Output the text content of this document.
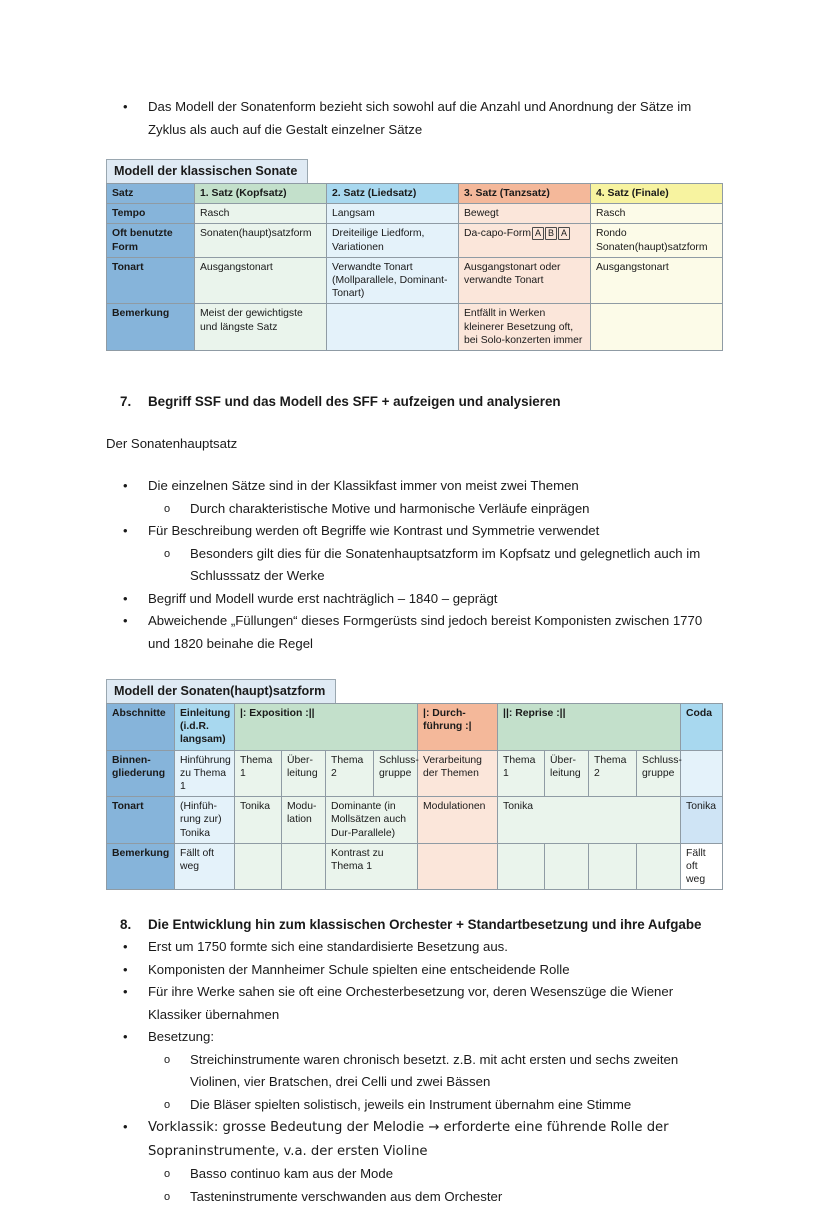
• Das Modell der Sonatenform bezieht sich sowohl auf die Anzahl und Anordnung der Sätze im Zyklus als auch auf die Gestalt einzelner Sätze
Modell der klassischen Sonate
Satz	1. Satz (Kopfsatz)	2. Satz (Liedsatz)	3. Satz (Tanzsatz)	4. Satz (Finale)
Tempo	Rasch	Langsam	Bewegt	Rasch
Oft benutzte Form	Sonaten(haupt)satzform	Dreiteilige Liedform, Variationen	Da-capo-Form A B A	Rondo Sonaten(haupt)satzform
Tonart	Ausgangstonart	Verwandte Tonart (Mollparallele, Dominant-Tonart)	Ausgangstonart oder verwandte Tonart	Ausgangstonart
Bemerkung	Meist der gewichtigste und längste Satz		Entfällt in Werken kleinerer Besetzung oft, bei Solo-konzerten immer	
7. Begriff SSF und das Modell des SFF + aufzeigen und analysieren
Der Sonatenhauptsatz
• Die einzelnen Sätze sind in der Klassikfast immer von meist zwei Themen
o Durch charakteristische Motive und harmonische Verläufe einprägen
• Für Beschreibung werden oft Begriffe wie Kontrast und Symmetrie verwendet
o Besonders gilt dies für die Sonatenhauptsatzform im Kopfsatz und gelegnetlich auch im Schlusssatz der Werke
• Begriff und Modell wurde erst nachträglich – 1840 – geprägt
• Abweichende „Füllungen“ dieses Formgerüsts sind jedoch bereist Komponisten zwischen 1770 und 1820 beinahe die Regel
Modell der Sonaten(haupt)satzform
Abschnitte	Einleitung (i.d.R. langsam)	|: Exposition :||				|: Durch-führung :|	||: Reprise :||				Coda
Binnen-gliederung	Hinführung zu Thema 1	Thema 1	Über-leitung	Thema 2	Schluss-gruppe	Verarbeitung der Themen	Thema 1	Über-leitung	Thema 2	Schluss-gruppe	
Tonart	(Hinfüh-rung zur) Tonika	Tonika	Modu-lation	Dominante (in Mollsätzen auch Dur-Parallele)		Modulationen	Tonika				Tonika
Bemerkung	Fällt oft weg			Kontrast zu Thema 1							Fällt oft weg
8. Die Entwicklung hin zum klassischen Orchester + Standartbesetzung und ihre Aufgabe
• Erst um 1750 formte sich eine standardisierte Besetzung aus.
• Komponisten der Mannheimer Schule spielten eine entscheidende Rolle
• Für ihre Werke sahen sie oft eine Orchesterbesetzung vor, deren Wesenszüge die Wiener Klassiker übernahmen
• Besetzung:
o Streichinstrumente waren chronisch besetzt. z.B. mit acht ersten und sechs zweiten Violinen, vier Bratschen, drei Celli und zwei Bässen
o Die Bläser spielten solistisch, jeweils ein Instrument übernahm eine Stimme
• Vorklassik: grosse Bedeutung der Melodie → erforderte eine führende Rolle der Sopraninstrumente, v.a. der ersten Violine
o Basso continuo kam aus der Mode
o Tasteninstrumente verschwanden aus dem Orchester
